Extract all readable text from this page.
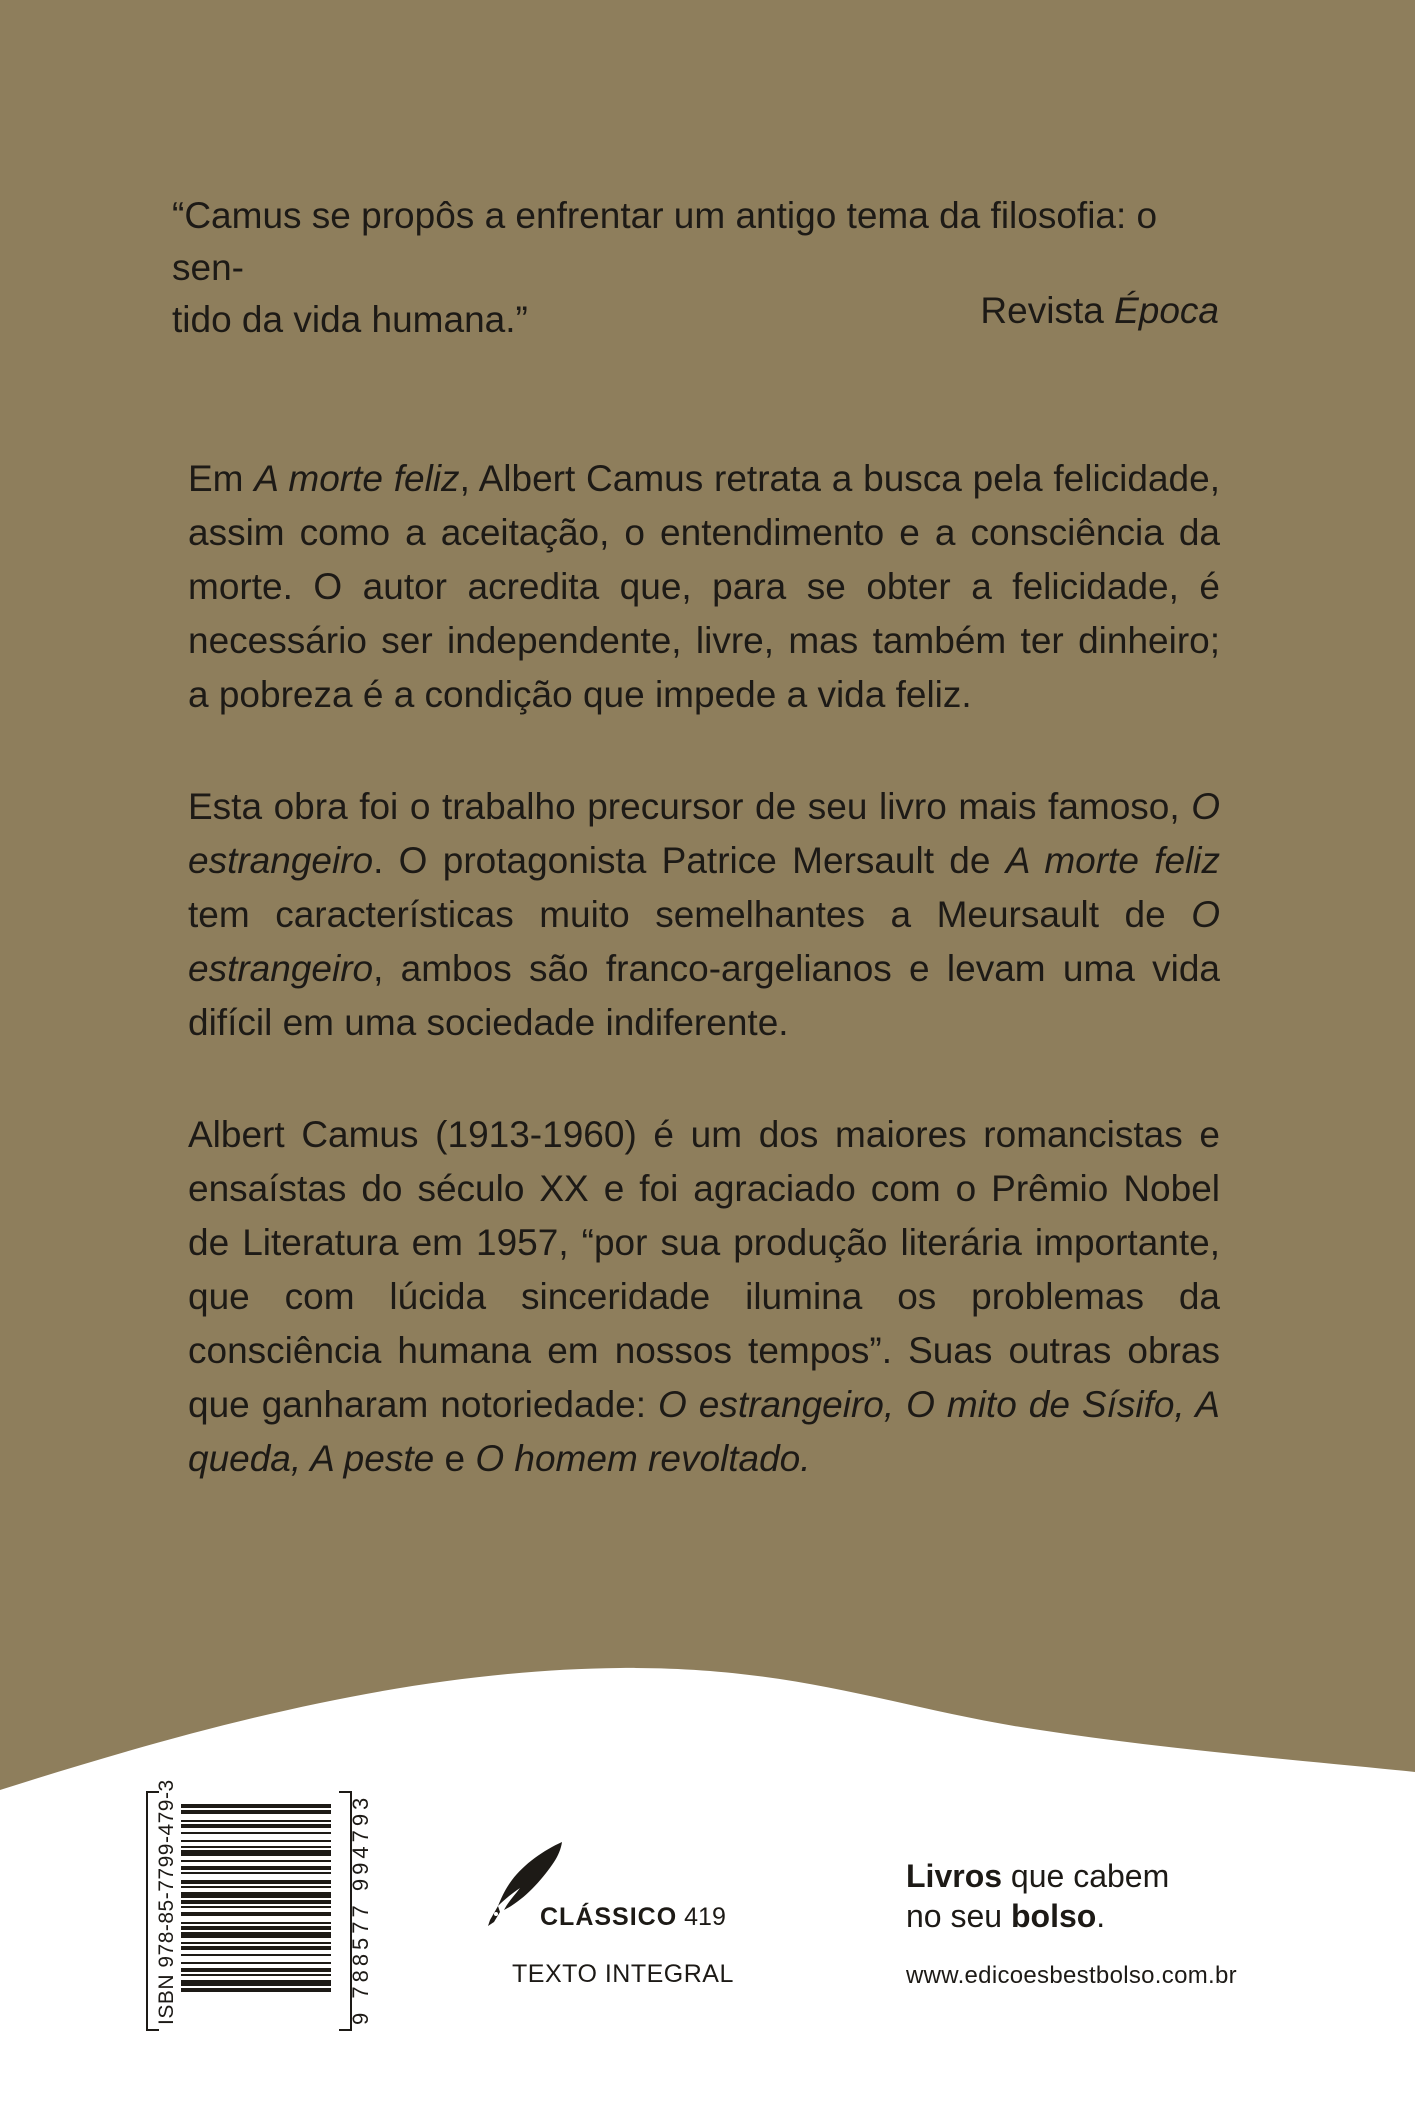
“Camus se propôs a enfrentar um antigo tema da filosofia: o sen-
tido da vida humana.”	Revista Época
Em A morte feliz, Albert Camus retrata a busca pela felicidade, assim como a aceitação, o entendimento e a consciência da morte. O autor acredita que, para se obter a felicidade, é necessário ser independente, livre, mas também ter dinheiro; a pobreza é a condição que impede a vida feliz.
Esta obra foi o trabalho precursor de seu livro mais famoso, O estrangeiro. O protagonista Patrice Mersault de A morte feliz tem características muito semelhantes a Meursault de O estrangeiro, ambos são franco-argelianos e levam uma vida difícil em uma sociedade indiferente.
Albert Camus (1913-1960) é um dos maiores romancistas e ensaístas do século XX e foi agraciado com o Prêmio Nobel de Literatura em 1957, “por sua produção literária importante, que com lúcida sinceridade ilumina os problemas da consciência humana em nossos tempos”. Suas outras obras que ganharam notoriedade: O estrangeiro, O mito de Sísifo, A queda, A peste e O homem revoltado.
ISBN 978-85-7799-479-3	9 788577 994793	CLÁSSICO 419
TEXTO INTEGRAL
Livros que cabem
no seu bolso.
www.edicoesbestbolso.com.br
